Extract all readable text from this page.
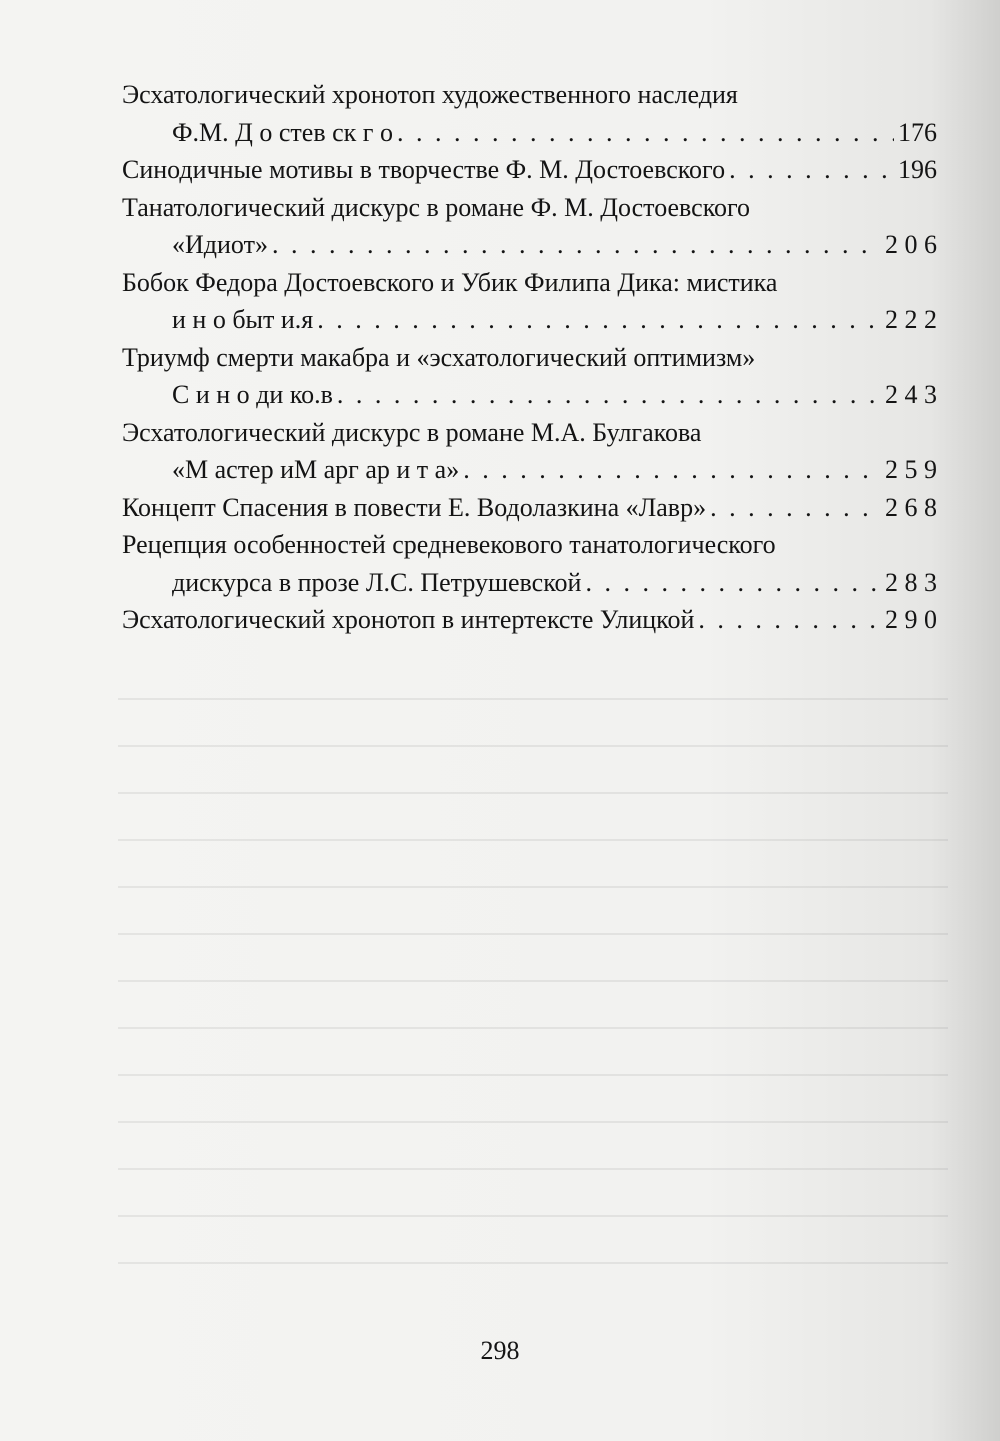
Эсхатологический хронотоп художественного наследия
Ф.М. Д о стев ск г о . . .	176
Синодичные мотивы в творчестве Ф. М. Достоевского . . .	196
Танатологический дискурс в романе Ф. М. Достоевского
«Идиот» . . .	2 0 6
Бобок Федора Достоевского и Убик Филипа Дика: мистика
и н о быт и.я . . .	2 2 2
Триумф смерти макабра и «эсхатологический оптимизм»
С и н о ди ко.в . . .	2 4 3
Эсхатологический дискурс в романе М.А. Булгакова
«М астер иМ арг ар и т а» . . .	2 5 9
Концепт Спасения в повести Е. Водолазкина «Лавр» . . .	2 6 8
Рецепция особенностей средневекового танатологического
дискурса в прозе Л.С. Петрушевской . . .	2 8 3
Эсхатологический хронотоп в интертексте Улицкой . . .	2 9 0
298
